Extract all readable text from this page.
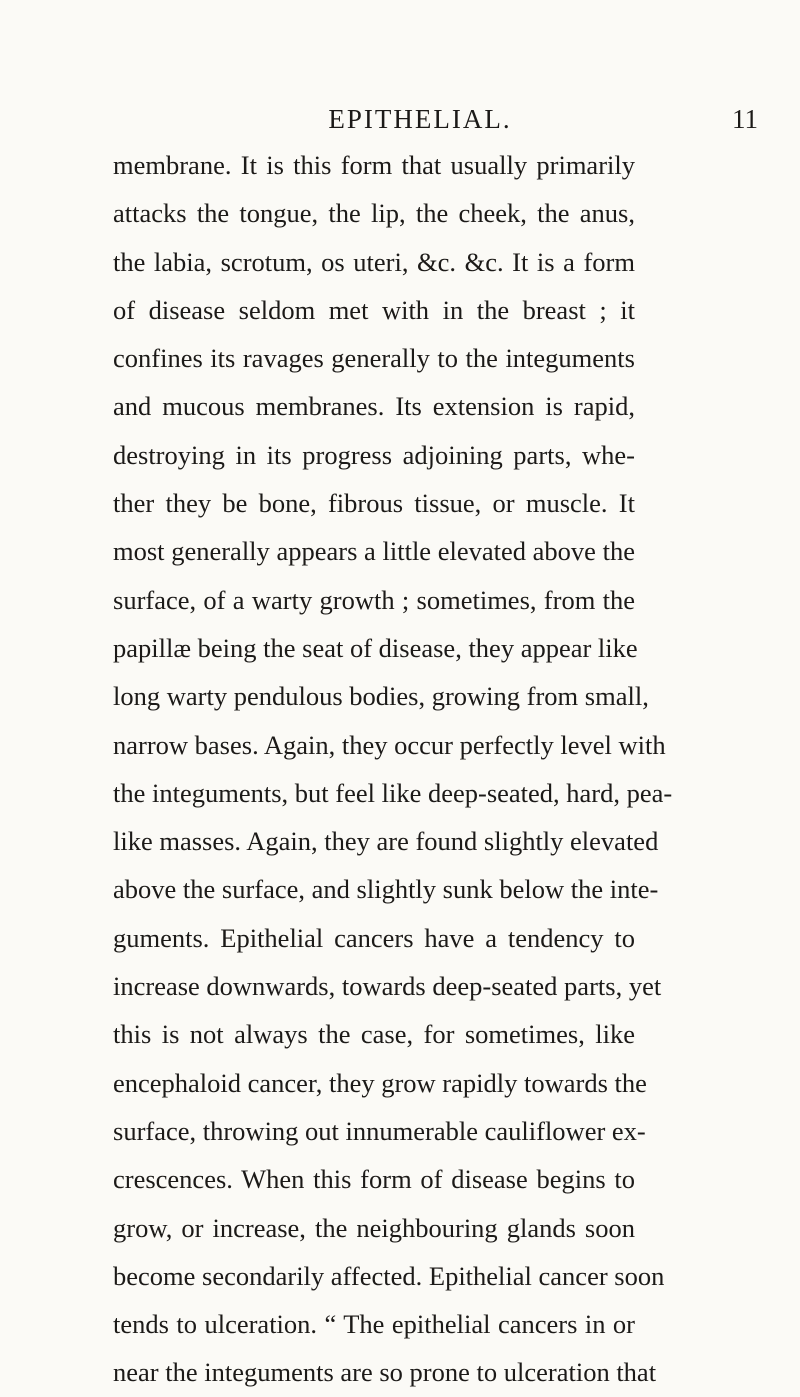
EPITHELIAL.	11
membrane. It is this form that usually primarily
attacks the tongue, the lip, the cheek, the anus,
the labia, scrotum, os uteri, &c. &c. It is a form
of disease seldom met with in the breast ; it
confines its ravages generally to the integuments
and mucous membranes. Its extension is rapid,
destroying in its progress adjoining parts, whe-
ther they be bone, fibrous tissue, or muscle. It
most generally appears a little elevated above the
surface, of a warty growth ; sometimes, from the
papillæ being the seat of disease, they appear like
long warty pendulous bodies, growing from small,
narrow bases. Again, they occur perfectly level with
the integuments, but feel like deep-seated, hard, pea-
like masses. Again, they are found slightly elevated
above the surface, and slightly sunk below the inte-
guments. Epithelial cancers have a tendency to
increase downwards, towards deep-seated parts, yet
this is not always the case, for sometimes, like
encephaloid cancer, they grow rapidly towards the
surface, throwing out innumerable cauliflower ex-
crescences. When this form of disease begins to
grow, or increase, the neighbouring glands soon
become secondarily affected. Epithelial cancer soon
tends to ulceration. “ The epithelial cancers in or
near the integuments are so prone to ulceration that
